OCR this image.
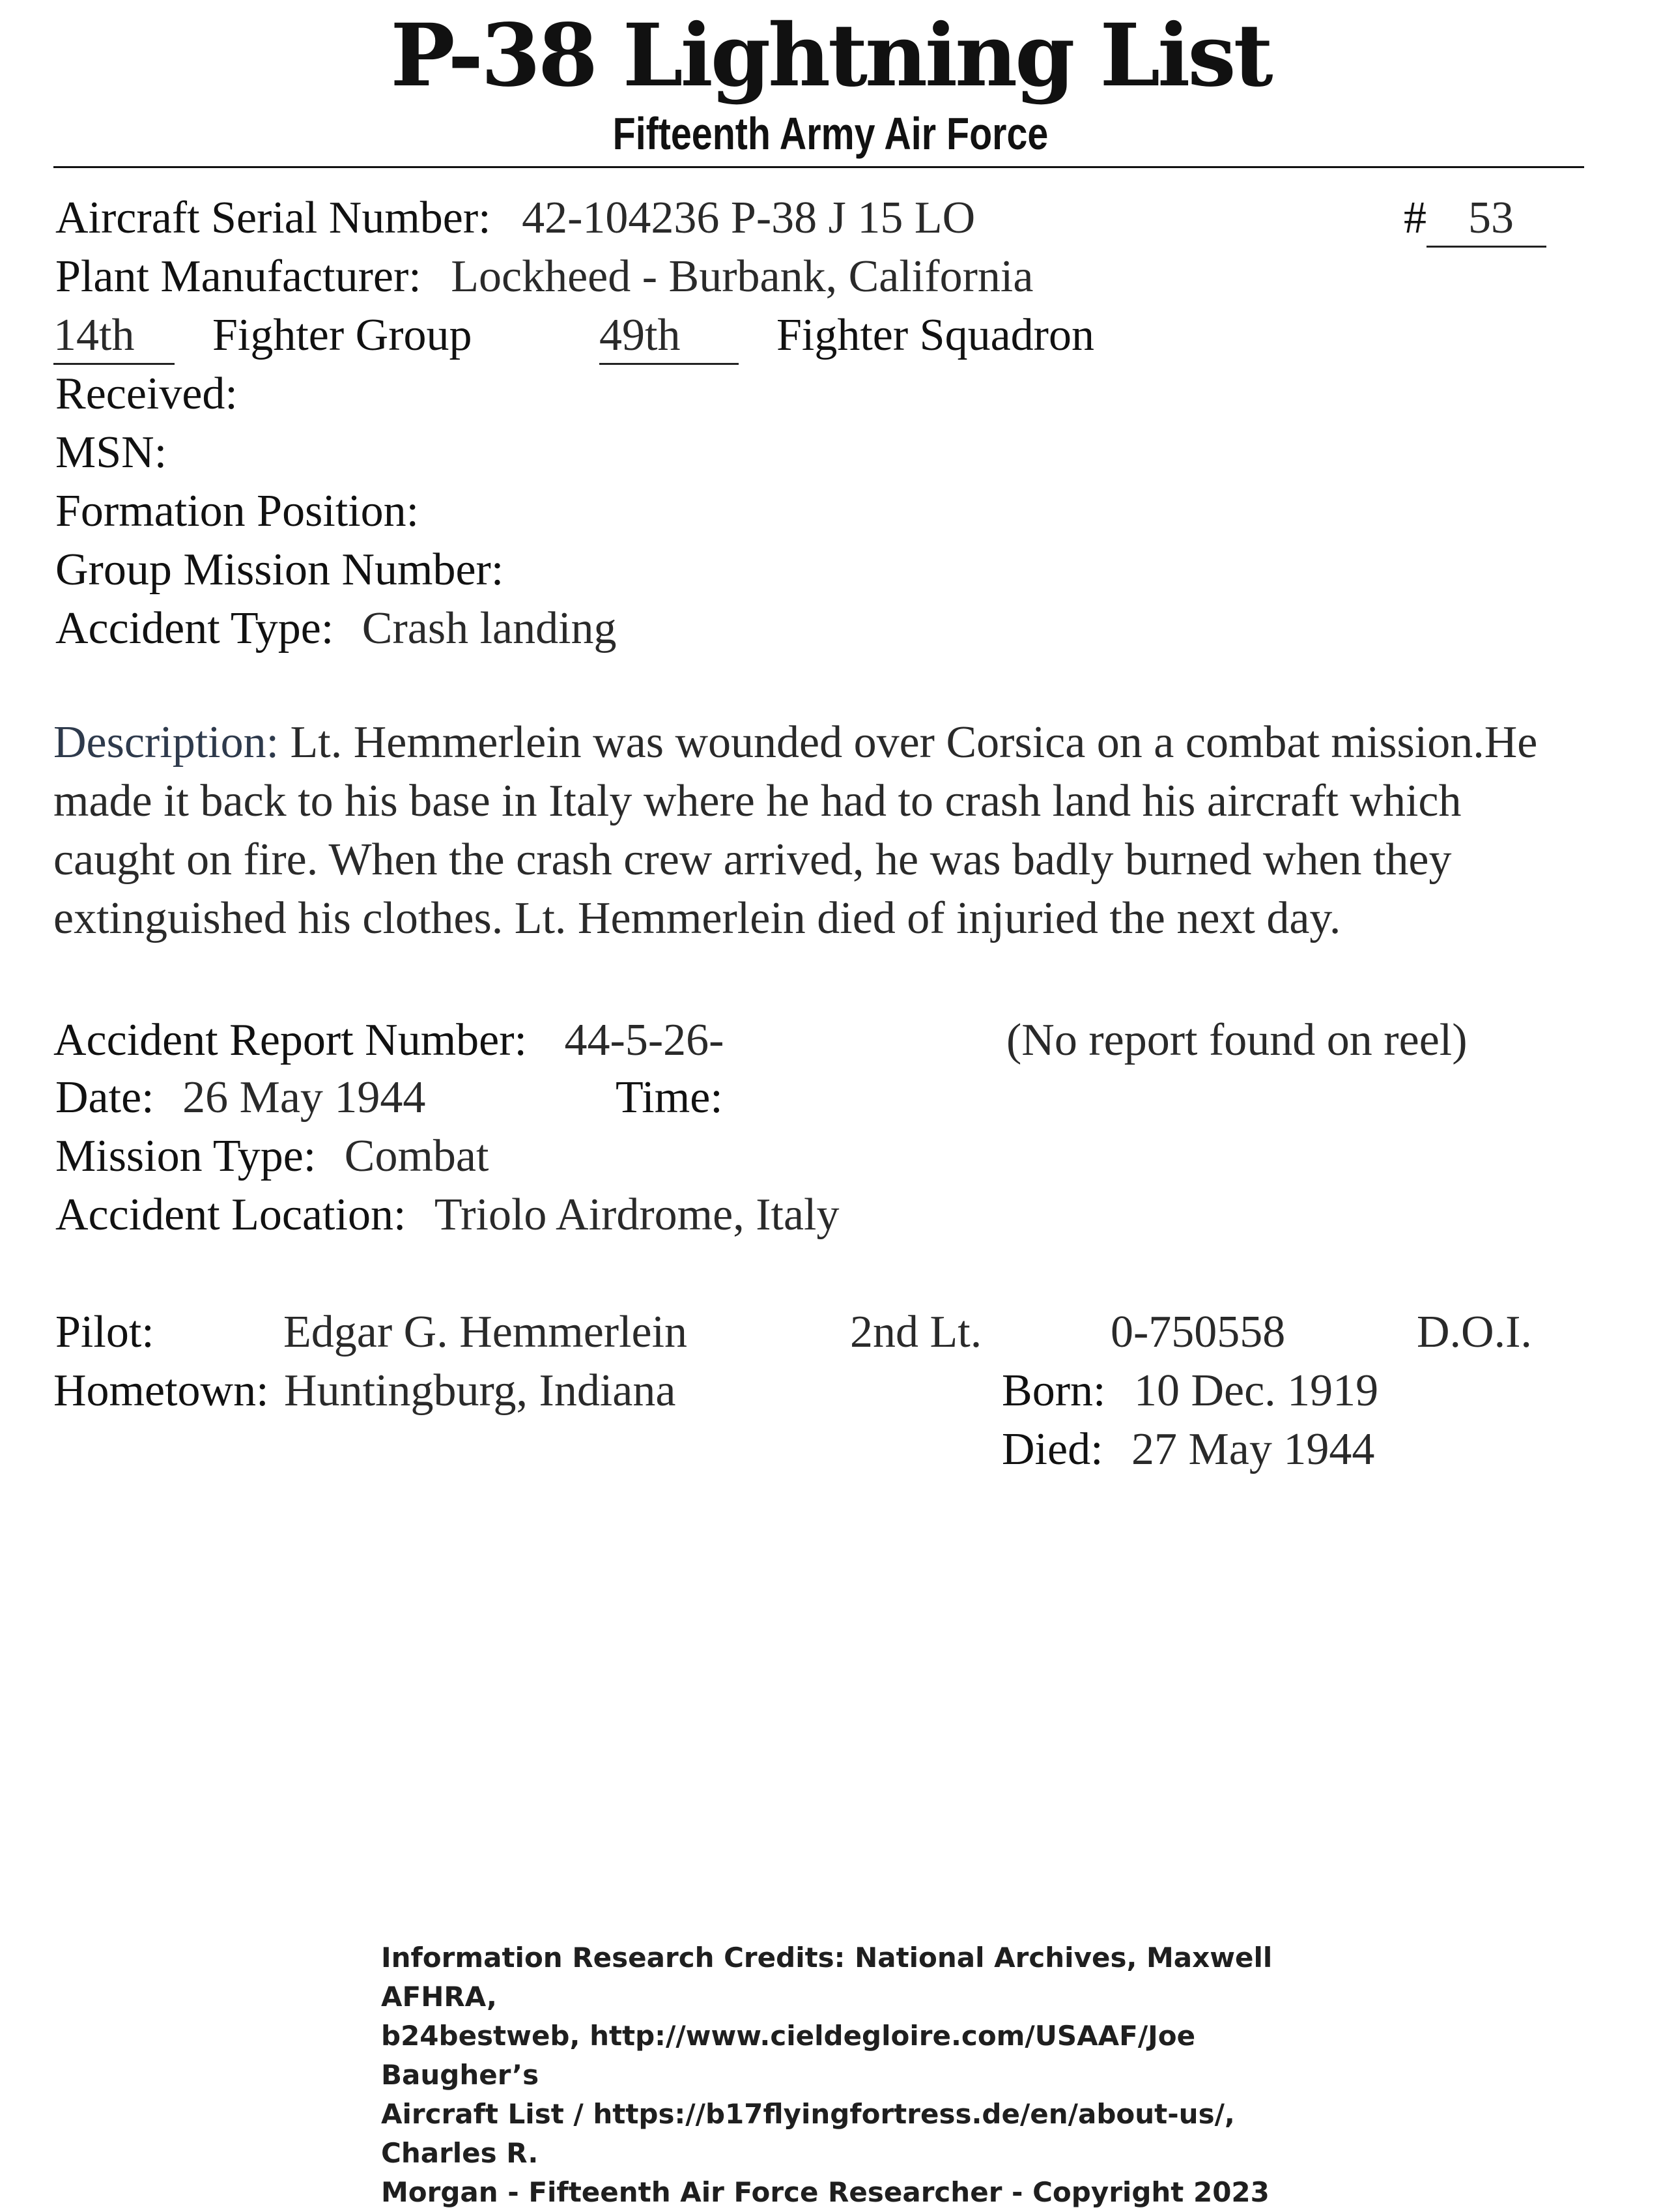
P-38 Lightning List
Fifteenth Army Air Force
Aircraft Serial Number: 42-104236 P-38 J 15 LO	# 53
Plant Manufacturer: Lockheed - Burbank, California
14th Fighter Group	49th Fighter Squadron
Received:
MSN:
Formation Position:
Group Mission Number:
Accident Type: Crash landing
Description: Lt. Hemmerlein was wounded over Corsica on a combat mission.He made it back to his base in Italy where he had to crash land his aircraft which caught on fire. When the crash crew arrived, he was badly burned when they extinguished his clothes. Lt. Hemmerlein died of injuried the next day.
Accident Report Number: 44-5-26-	(No report found on reel)
Date: 26 May 1944	Time:
Mission Type: Combat
Accident Location: Triolo Airdrome, Italy
Pilot:	Edgar G. Hemmerlein	2nd Lt.	0-750558	D.O.I.
Hometown: Huntingburg, Indiana	Born: 10 Dec. 1919
Died: 27 May 1944
Information Research Credits: National Archives, Maxwell AFHRA,
b24bestweb, http://www.cieldegloire.com/USAAF/Joe Baugher’s
Aircraft List / https://b17flyingfortress.de/en/about-us/, Charles R.
Morgan - Fifteenth Air Force Researcher - Copyright 2023
